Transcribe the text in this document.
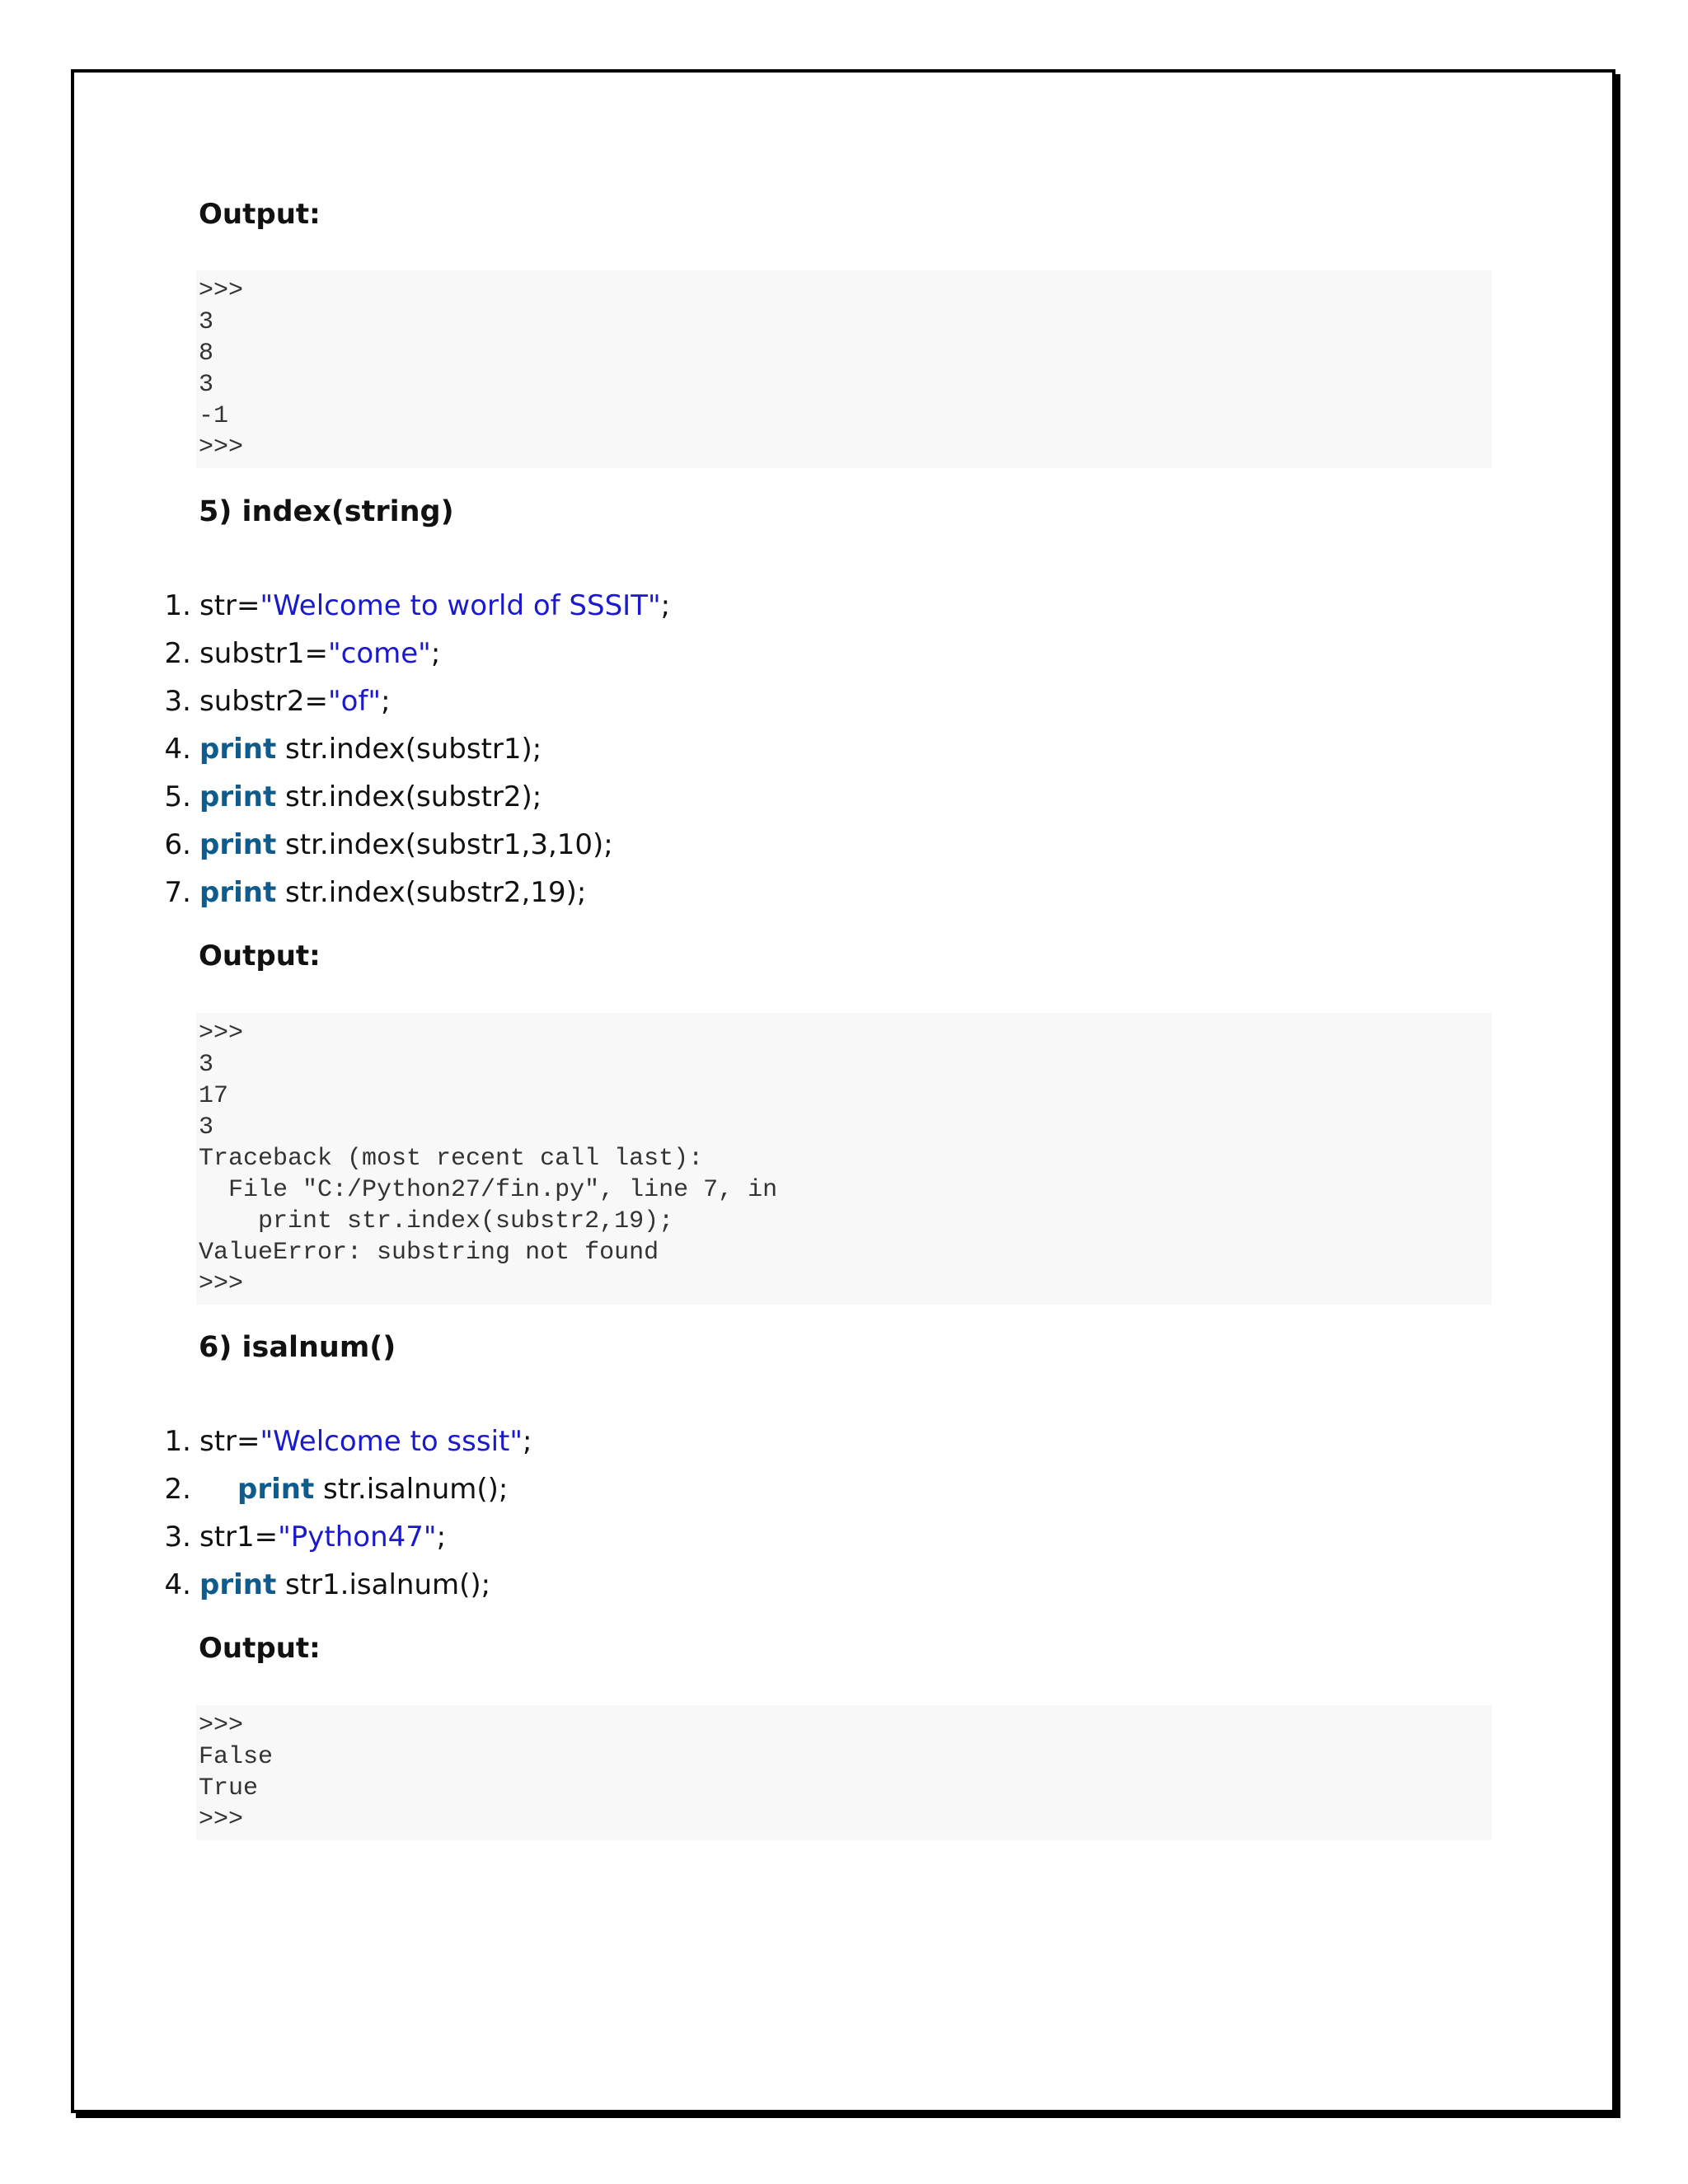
Output:
>>>
3
8
3
-1
>>>
5) index(string)
1. str="Welcome to world of SSSIT";
2. substr1="come";
3. substr2="of";
4. print str.index(substr1);
5. print str.index(substr2);
6. print str.index(substr1,3,10);
7. print str.index(substr2,19);
Output:
>>>
3
17
3
Traceback (most recent call last):
File "C:/Python27/fin.py", line 7, in
print str.index(substr2,19);
ValueError: substring not found
>>>
6) isalnum()
1. str="Welcome to sssit";
2. print str.isalnum();
3. str1="Python47";
4. print str1.isalnum();
Output:
>>>
False
True
>>>
